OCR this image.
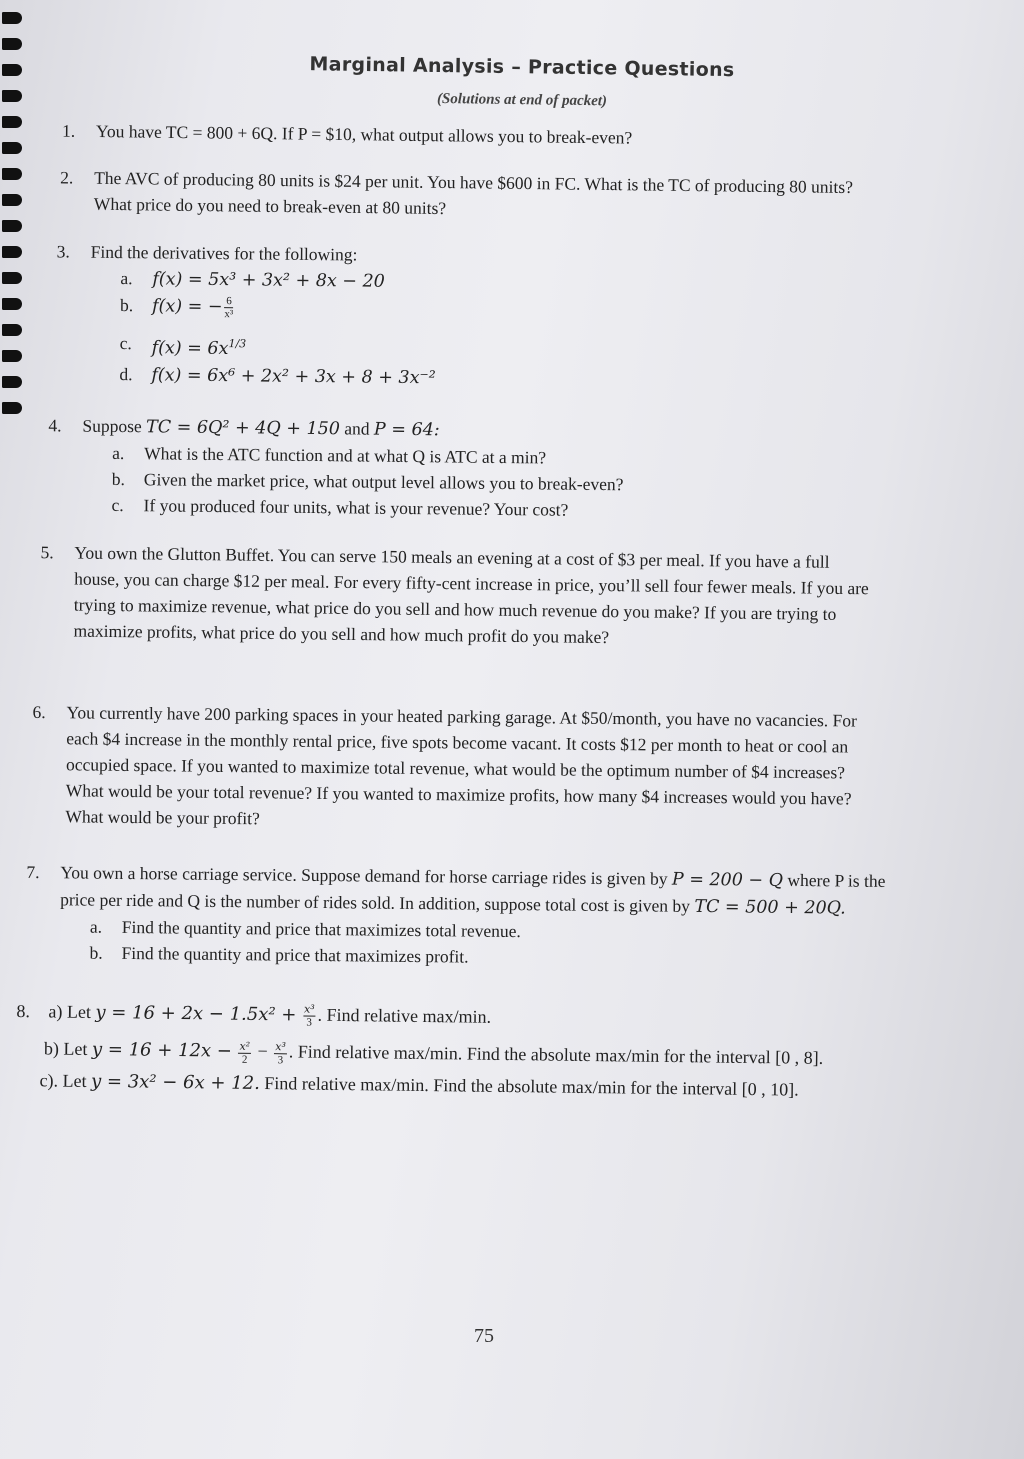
Marginal Analysis – Practice Questions
(Solutions at end of packet)
1. You have TC = 800 + 6Q. If P = $10, what output allows you to break-even?
2. The AVC of producing 80 units is $24 per unit. You have $600 in FC. What is the TC of producing 80 units?
What price do you need to break-even at 80 units?
3. Find the derivatives for the following:
a. f(x) = 5x³ + 3x² + 8x − 20
b. f(x) = − $\frac{6}{\text{x³}}$
c. $f(x) = 6x^{1/3}$
d. f(x) = 6x⁶ + 2x² + 3x + 8 + 3x⁻²
4. Suppose TC = 6Q² + 4Q + 150 and P = 64:
a. What is the ATC function and at what Q is ATC at a min?
b. Given the market price, what output level allows you to break-even?
c. If you produced four units, what is your revenue? Your cost?
5. You own the Glutton Buffet. You can serve 150 meals an evening at a cost of $3 per meal. If you have a full
house, you can charge $12 per meal. For every fifty-cent increase in price, you’ll sell four fewer meals. If you are
trying to maximize revenue, what price do you sell and how much revenue do you make? If you are trying to
maximize profits, what price do you sell and how much profit do you make?
6. You currently have 200 parking spaces in your heated parking garage. At $50/month, you have no vacancies. For
each $4 increase in the monthly rental price, five spots become vacant. It costs $12 per month to heat or cool an
occupied space. If you wanted to maximize total revenue, what would be the optimum number of $4 increases?
What would be your total revenue? If you wanted to maximize profits, how many $4 increases would you have?
What would be your profit?
7. You own a horse carriage service. Suppose demand for horse carriage rides is given by P = 200 − Q where P is the
price per ride and Q is the number of rides sold. In addition, suppose total cost is given by TC = 500 + 20Q.
a. Find the quantity and price that maximizes total revenue.
b. Find the quantity and price that maximizes profit.
8. a) Let $y = 16 + 2x - 1.5x^2 + \frac{\text{x³}}{3}$ . Find relative max/min.
b) Let $y = 16 + 12x - \frac{\text{x²}}{2} - \frac{\text{x³}}{3}$ . Find relative max/min. Find the absolute max/min for the interval [0 , 8].
c). Let y = 3x² − 6x + 12. Find relative max/min. Find the absolute max/min for the interval [0 , 10].
75
